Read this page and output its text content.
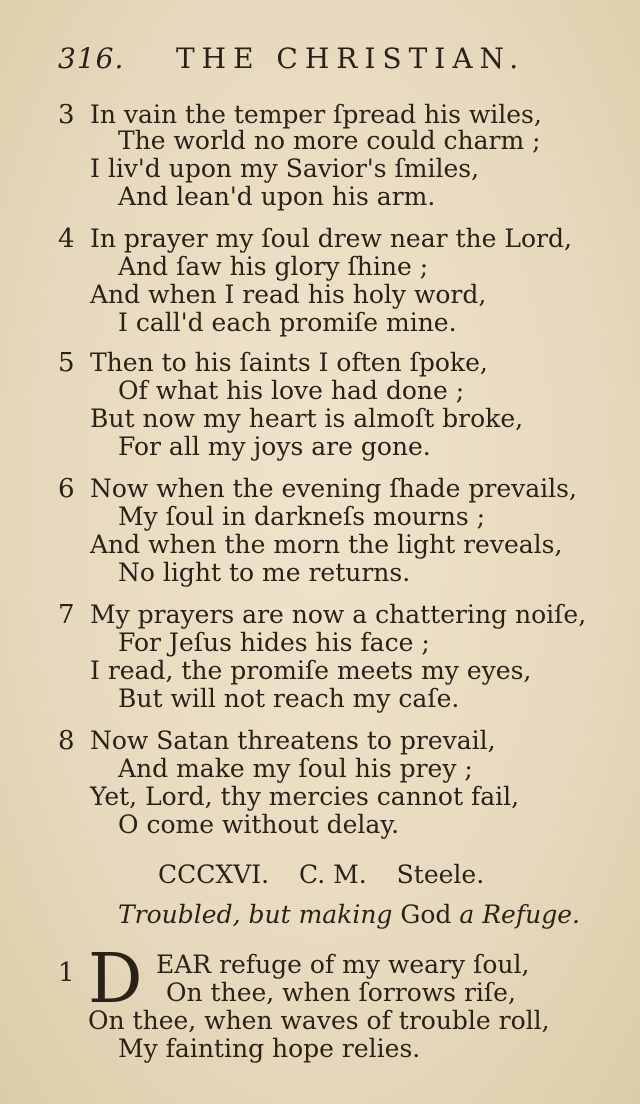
316. THE CHRISTIAN.
3 In vain the temper ſpread his wiles,
The world no more could charm ;
I liv'd upon my Savior's ſmiles,
And lean'd upon his arm.
4 In prayer my ſoul drew near the Lord,
And ſaw his glory ſhine ;
And when I read his holy word,
I call'd each promiſe mine.
5 Then to his ſaints I often ſpoke,
Of what his love had done ;
But now my heart is almoſt broke,
For all my joys are gone.
6 Now when the evening ſhade prevails,
My ſoul in darkneſs mourns ;
And when the morn the light reveals,
No light to me returns.
7 My prayers are now a chattering noiſe,
For Jeſus hides his face ;
I read, the promiſe meets my eyes,
But will not reach my caſe.
8 Now Satan threatens to prevail,
And make my ſoul his prey ;
Yet, Lord, thy mercies cannot fail,
O come without delay.
CCCXVI. C. M. Steele.
Troubled, but making God a Refuge.
1 D EAR refuge of my weary ſoul,
On thee, when ſorrows riſe,
On thee, when waves of trouble roll,
My fainting hope relies.
